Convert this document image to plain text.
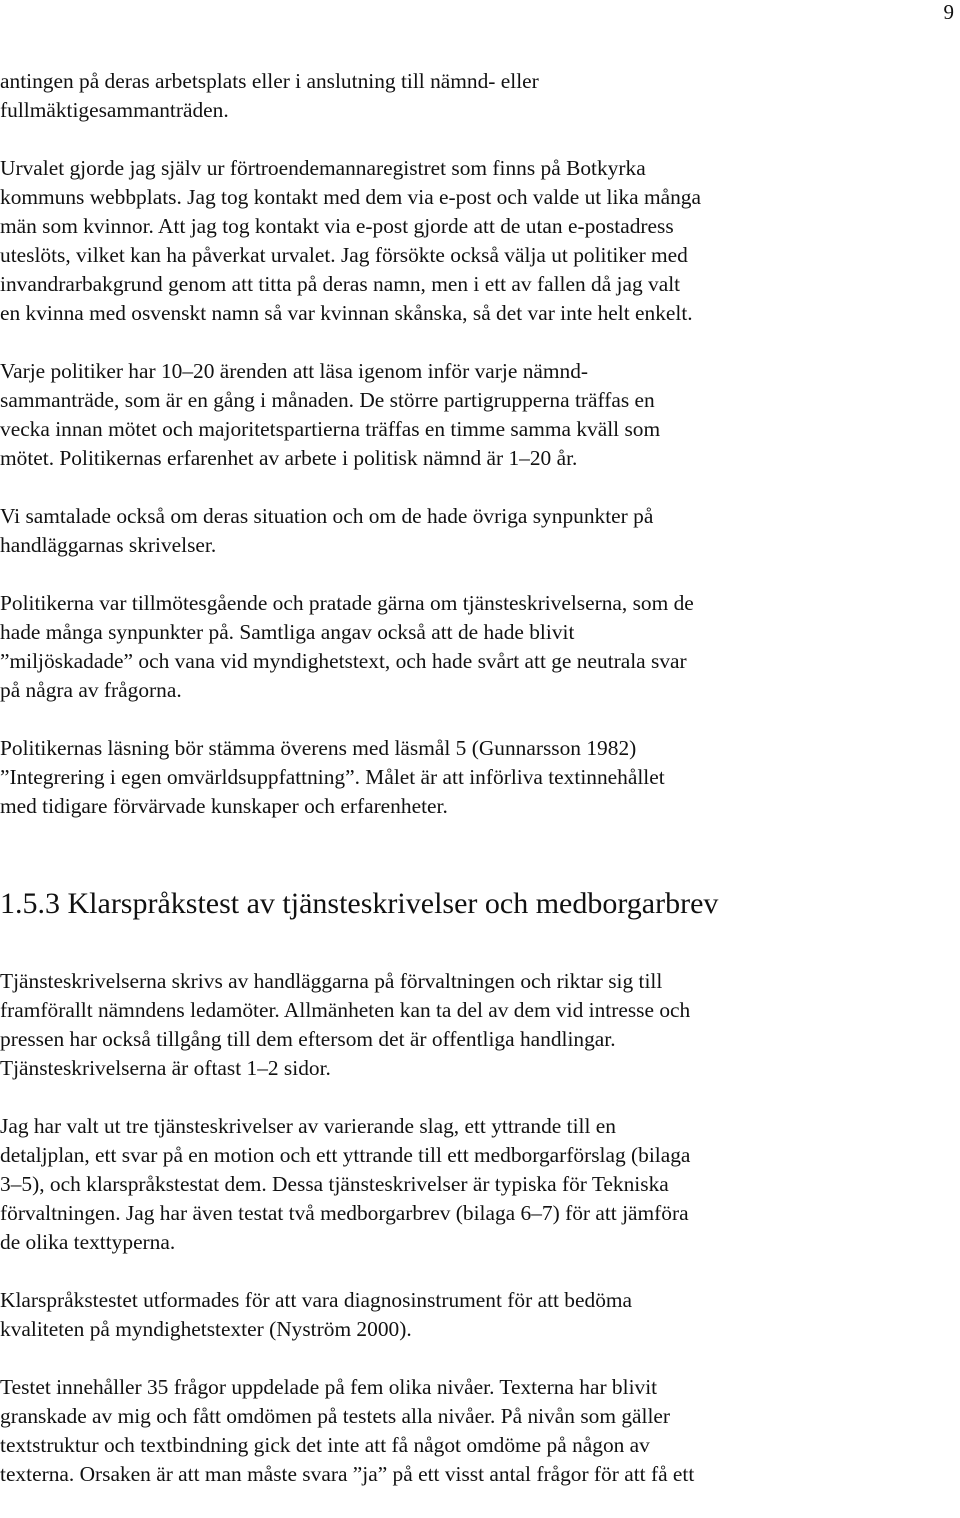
9

antingen på deras arbetsplats eller i anslutning till nämnd- eller
fullmäktigesammanträden.

Urvalet gjorde jag själv ur förtroendemannaregistret som finns på Botkyrka
kommuns webbplats. Jag tog kontakt med dem via e-post och valde ut lika många
män som kvinnor. Att jag tog kontakt via e-post gjorde att de utan e-postadress
uteslöts, vilket kan ha påverkat urvalet. Jag försökte också välja ut politiker med
invandrarbakgrund genom att titta på deras namn, men i ett av fallen då jag valt
en kvinna med osvenskt namn så var kvinnan skånska, så det var inte helt enkelt.

Varje politiker har 10–20 ärenden att läsa igenom inför varje nämnd-
sammanträde, som är en gång i månaden. De större partigrupperna träffas en
vecka innan mötet och majoritetspartierna träffas en timme samma kväll som
mötet. Politikernas erfarenhet av arbete i politisk nämnd är 1–20 år.

Vi samtalade också om deras situation och om de hade övriga synpunkter på
handläggarnas skrivelser.

Politikerna var tillmötesgående och pratade gärna om tjänsteskrivelserna, som de
hade många synpunkter på. Samtliga angav också att de hade blivit
”miljöskadade” och vana vid myndighetstext, och hade svårt att ge neutrala svar
på några av frågorna.

Politikernas läsning bör stämma överens med läsmål 5 (Gunnarsson 1982)
”Integrering i egen omvärldsuppfattning”. Målet är att införliva textinnehållet
med tidigare förvärvade kunskaper och erfarenheter.

1.5.3 Klarspråkstest av tjänsteskrivelser och medborgarbrev

Tjänsteskrivelserna skrivs av handläggarna på förvaltningen och riktar sig till
framförallt nämndens ledamöter. Allmänheten kan ta del av dem vid intresse och
pressen har också tillgång till dem eftersom det är offentliga handlingar.
Tjänsteskrivelserna är oftast 1–2 sidor.

Jag har valt ut tre tjänsteskrivelser av varierande slag, ett yttrande till en
detaljplan, ett svar på en motion och ett yttrande till ett medborgarförslag (bilaga
3–5), och klarspråkstestat dem. Dessa tjänsteskrivelser är typiska för Tekniska
förvaltningen. Jag har även testat två medborgarbrev (bilaga 6–7) för att jämföra
de olika texttyperna.

Klarspråkstestet utformades för att vara diagnosinstrument för att bedöma
kvaliteten på myndighetstexter (Nyström 2000).

Testet innehåller 35 frågor uppdelade på fem olika nivåer. Texterna har blivit
granskade av mig och fått omdömen på testets alla nivåer. På nivån som gäller
textstruktur och textbindning gick det inte att få något omdöme på någon av
texterna. Orsaken är att man måste svara ”ja” på ett visst antal frågor för att få ett
